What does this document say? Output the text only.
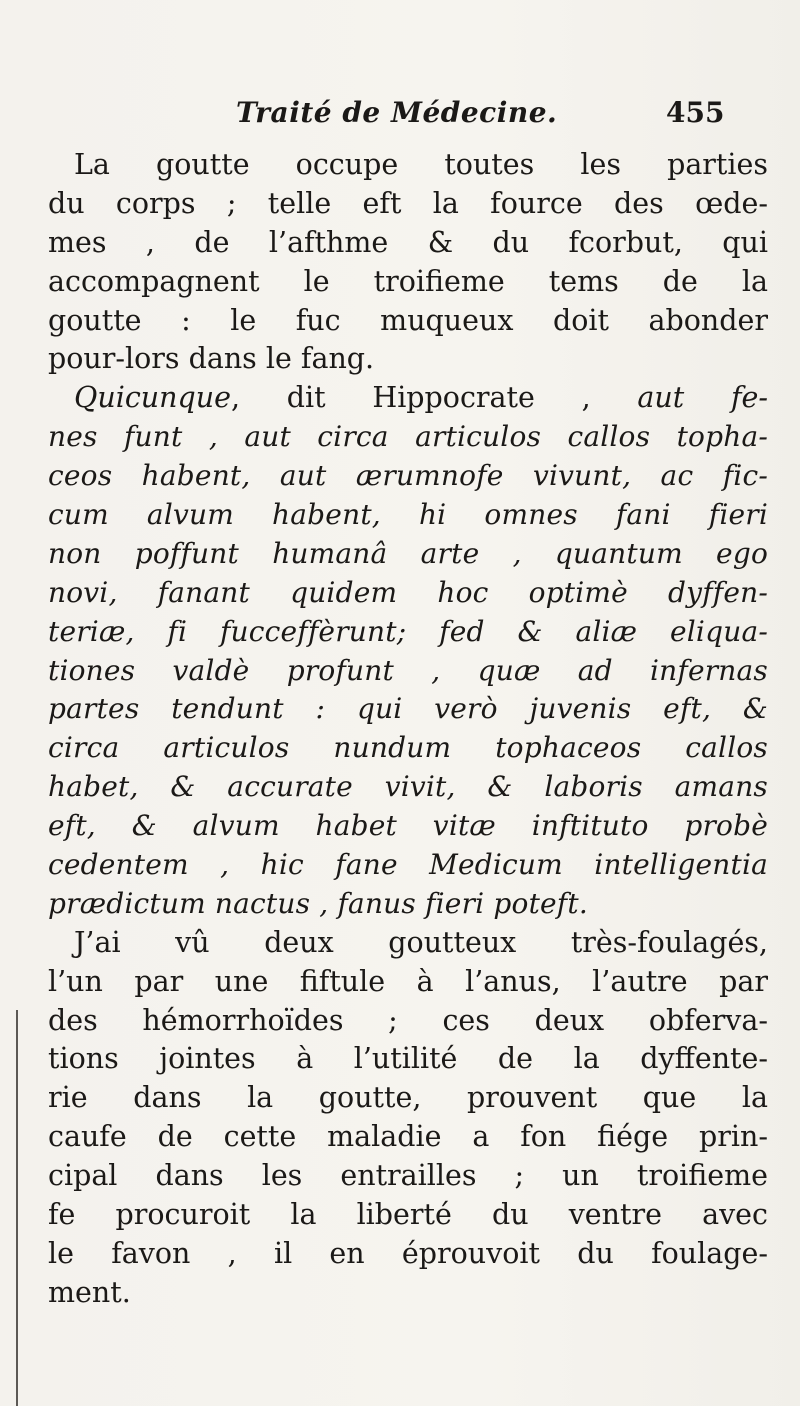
Traité de Médecine.	455
La goutte occupe toutes les parties
du corps ; telle eft la fource des œde-
mes , de l’afthme & du fcorbut, qui
accompagnent le troifieme tems de la
goutte : le fuc muqueux doit abonder
pour-lors dans le fang.
Quicunque, dit Hippocrate , aut fe-
nes funt , aut circa articulos callos topha-
ceos habent, aut ærumnofe vivunt, ac fic-
cum alvum habent, hi omnes fani fieri
non poffunt humanâ arte , quantum ego
novi, fanant quidem hoc optimè dyffen-
teriæ, fi fucceffèrunt; fed & aliæ eliqua-
tiones valdè profunt , quæ ad infernas
partes tendunt : qui verò juvenis eft, &
circa articulos nundum tophaceos callos
habet, & accurate vivit, & laboris amans
eft, & alvum habet vitæ inftituto probè
cedentem , hic fane Medicum intelligentia
prædictum nactus , fanus fieri poteft.
J’ai vû deux goutteux très-foulagés,
l’un par une fiftule à l’anus, l’autre par
des hémorrhoïdes ; ces deux obferva-
tions jointes à l’utilité de la dyffente-
rie dans la goutte, prouvent que la
caufe de cette maladie a fon fiége prin-
cipal dans les entrailles ; un troifieme
fe procuroit la liberté du ventre avec
le favon , il en éprouvoit du foulage-
ment.
